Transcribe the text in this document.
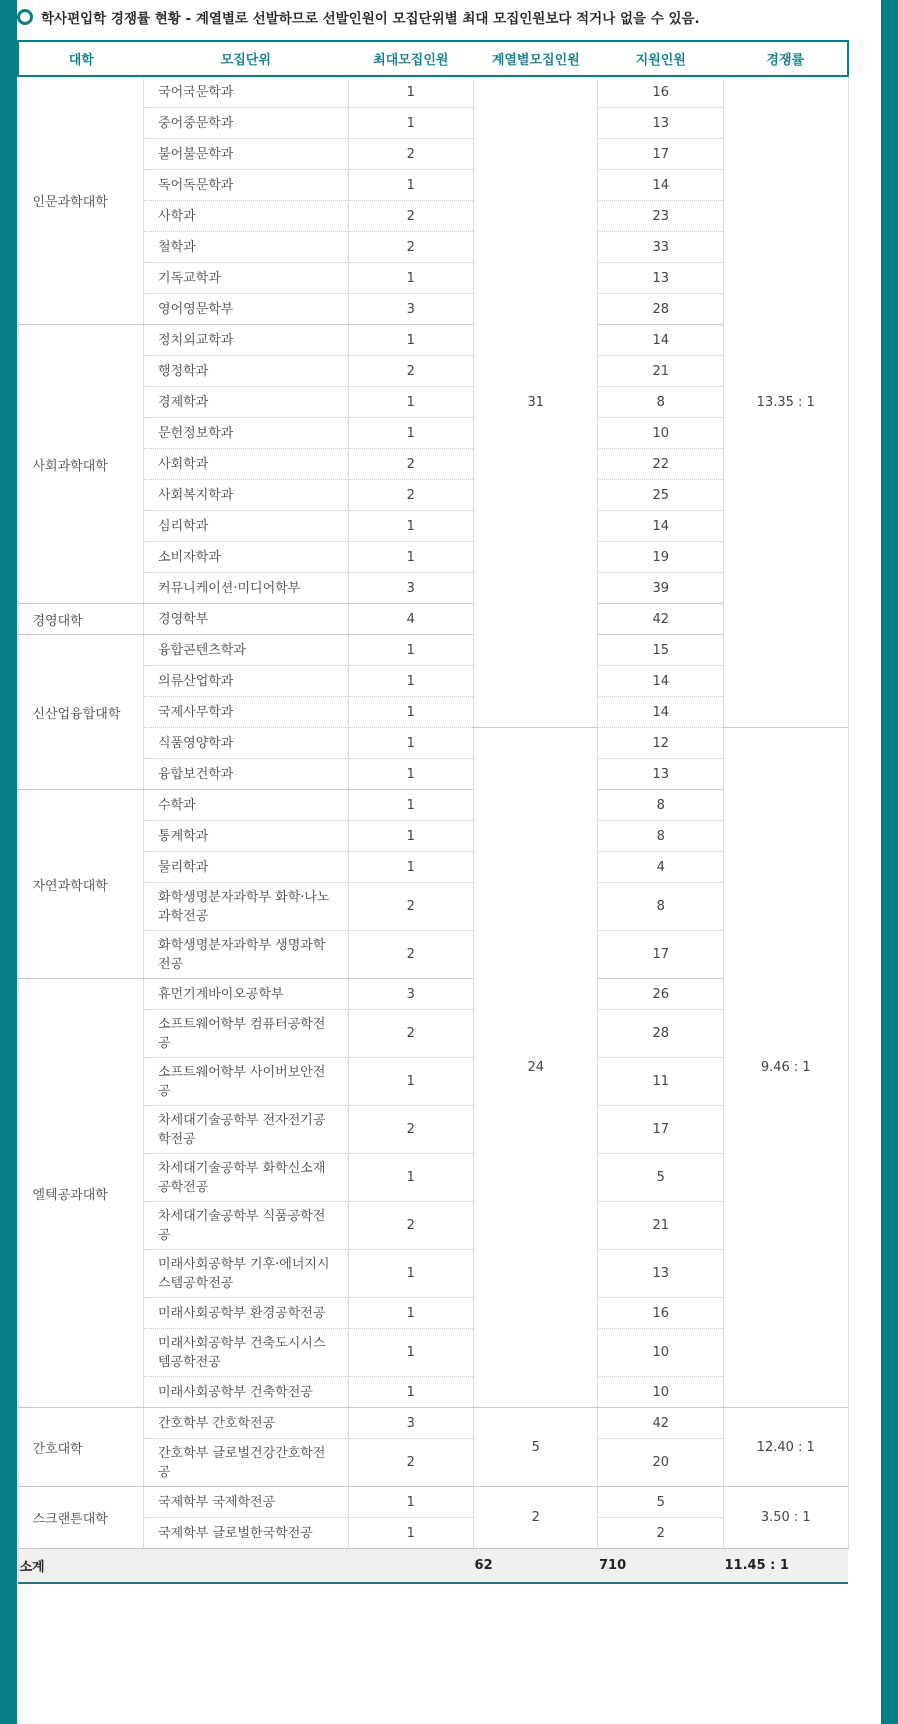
학사편입학 경쟁률 현황 - 계열별로 선발하므로 선발인원이 모집단위별 최대 모집인원보다 적거나 없을 수 있음.
대학	모집단위	최대모집인원	계열별모집인원	지원인원	경쟁률
인문과학대학	국어국문학과	1	31	16	13.35 : 1
	중어중문학과	1		13	
	불어불문학과	2		17	
	독어독문학과	1		14	
	사학과	2		23	
	철학과	2		33	
	기독교학과	1		13	
	영어영문학부	3		28	
사회과학대학	정치외교학과	1		14	
	행정학과	2		21	
	경제학과	1		8	
	문헌정보학과	1		10	
	사회학과	2		22	
	사회복지학과	2		25	
	심리학과	1		14	
	소비자학과	1		19	
	커뮤니케이션·미디어학부	3		39	
경영대학	경영학부	4		42	
신산업융합대학	융합콘텐츠학과	1		15	
	의류산업학과	1		14	
	국제사무학과	1		14	
	식품영양학과	1	24	12	9.46 : 1
	융합보건학과	1		13	
자연과학대학	수학과	1		8	
	통계학과	1		8	
	물리학과	1		4	
	화학생명분자과학부 화학·나노과학전공	2		8	
	화학생명분자과학부 생명과학전공	2		17	
엘텍공과대학	휴먼기계바이오공학부	3		26	
	소프트웨어학부 컴퓨터공학전공	2		28	
	소프트웨어학부 사이버보안전공	1		11	
	차세대기술공학부 전자전기공학전공	2		17	
	차세대기술공학부 화학신소재공학전공	1		5	
	차세대기술공학부 식품공학전공	2		21	
	미래사회공학부 기후·에너지시스템공학전공	1		13	
	미래사회공학부 환경공학전공	1		16	
	미래사회공학부 건축도시시스템공학전공	1		10	
	미래사회공학부 건축학전공	1		10	
간호대학	간호학부 간호학전공	3	5	42	12.40 : 1
	간호학부 글로벌건강간호학전공	2		20	
스크랜튼대학	국제학부 국제학전공	1	2	5	3.50 : 1
	국제학부 글로벌한국학전공	1		2	
소계			62	710	11.45 : 1
